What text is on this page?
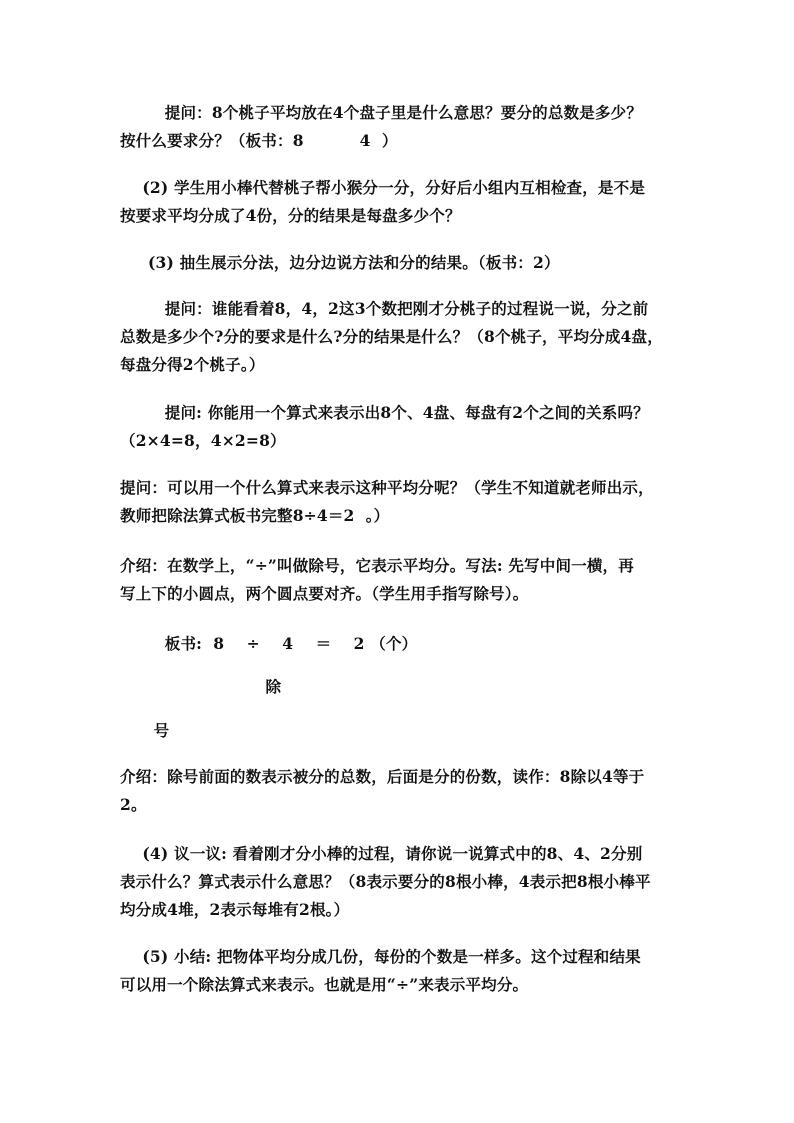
提问：8个桃子平均放在4个盘子里是什么意思？要分的总数是多少？
按什么要求分？（板书：8          4  ）

(2) 学生用小棒代替桃子帮小猴分一分，分好后小组内互相检查，是不是
按要求平均分成了4份，分的结果是每盘多少个？

(3) 抽生展示分法，边分边说方法和分的结果。（板书：2）

提问：谁能看着8，4，2这3个数把刚才分桃子的过程说一说，分之前
总数是多少个?分的要求是什么?分的结果是什么？（8个桃子，平均分成4盘，
每盘分得2个桃子。）

提问: 你能用一个算式来表示出8个、4盘、每盘有2个之间的关系吗？
（2×4=8，4×2=8）

提问：可以用一个什么算式来表示这种平均分呢？（学生不知道就老师出示，
教师把除法算式板书完整8÷4＝2  。）

介绍：在数学上，“÷”叫做除号，它表示平均分。写法: 先写中间一横，再
写上下的小圆点，两个圆点要对齐。（学生用手指写除号）。

板书:  8    ÷    4    ＝    2 （个）

除

号

介绍：除号前面的数表示被分的总数，后面是分的份数，读作：8除以4等于
2。

(4) 议一议: 看着刚才分小棒的过程，请你说一说算式中的8、4、2分别
表示什么？算式表示什么意思？（8表示要分的8根小棒，4表示把8根小棒平
均分成4堆，2表示每堆有2根。）

(5) 小结: 把物体平均分成几份，每份的个数是一样多。这个过程和结果
可以用一个除法算式来表示。也就是用“÷”来表示平均分。
